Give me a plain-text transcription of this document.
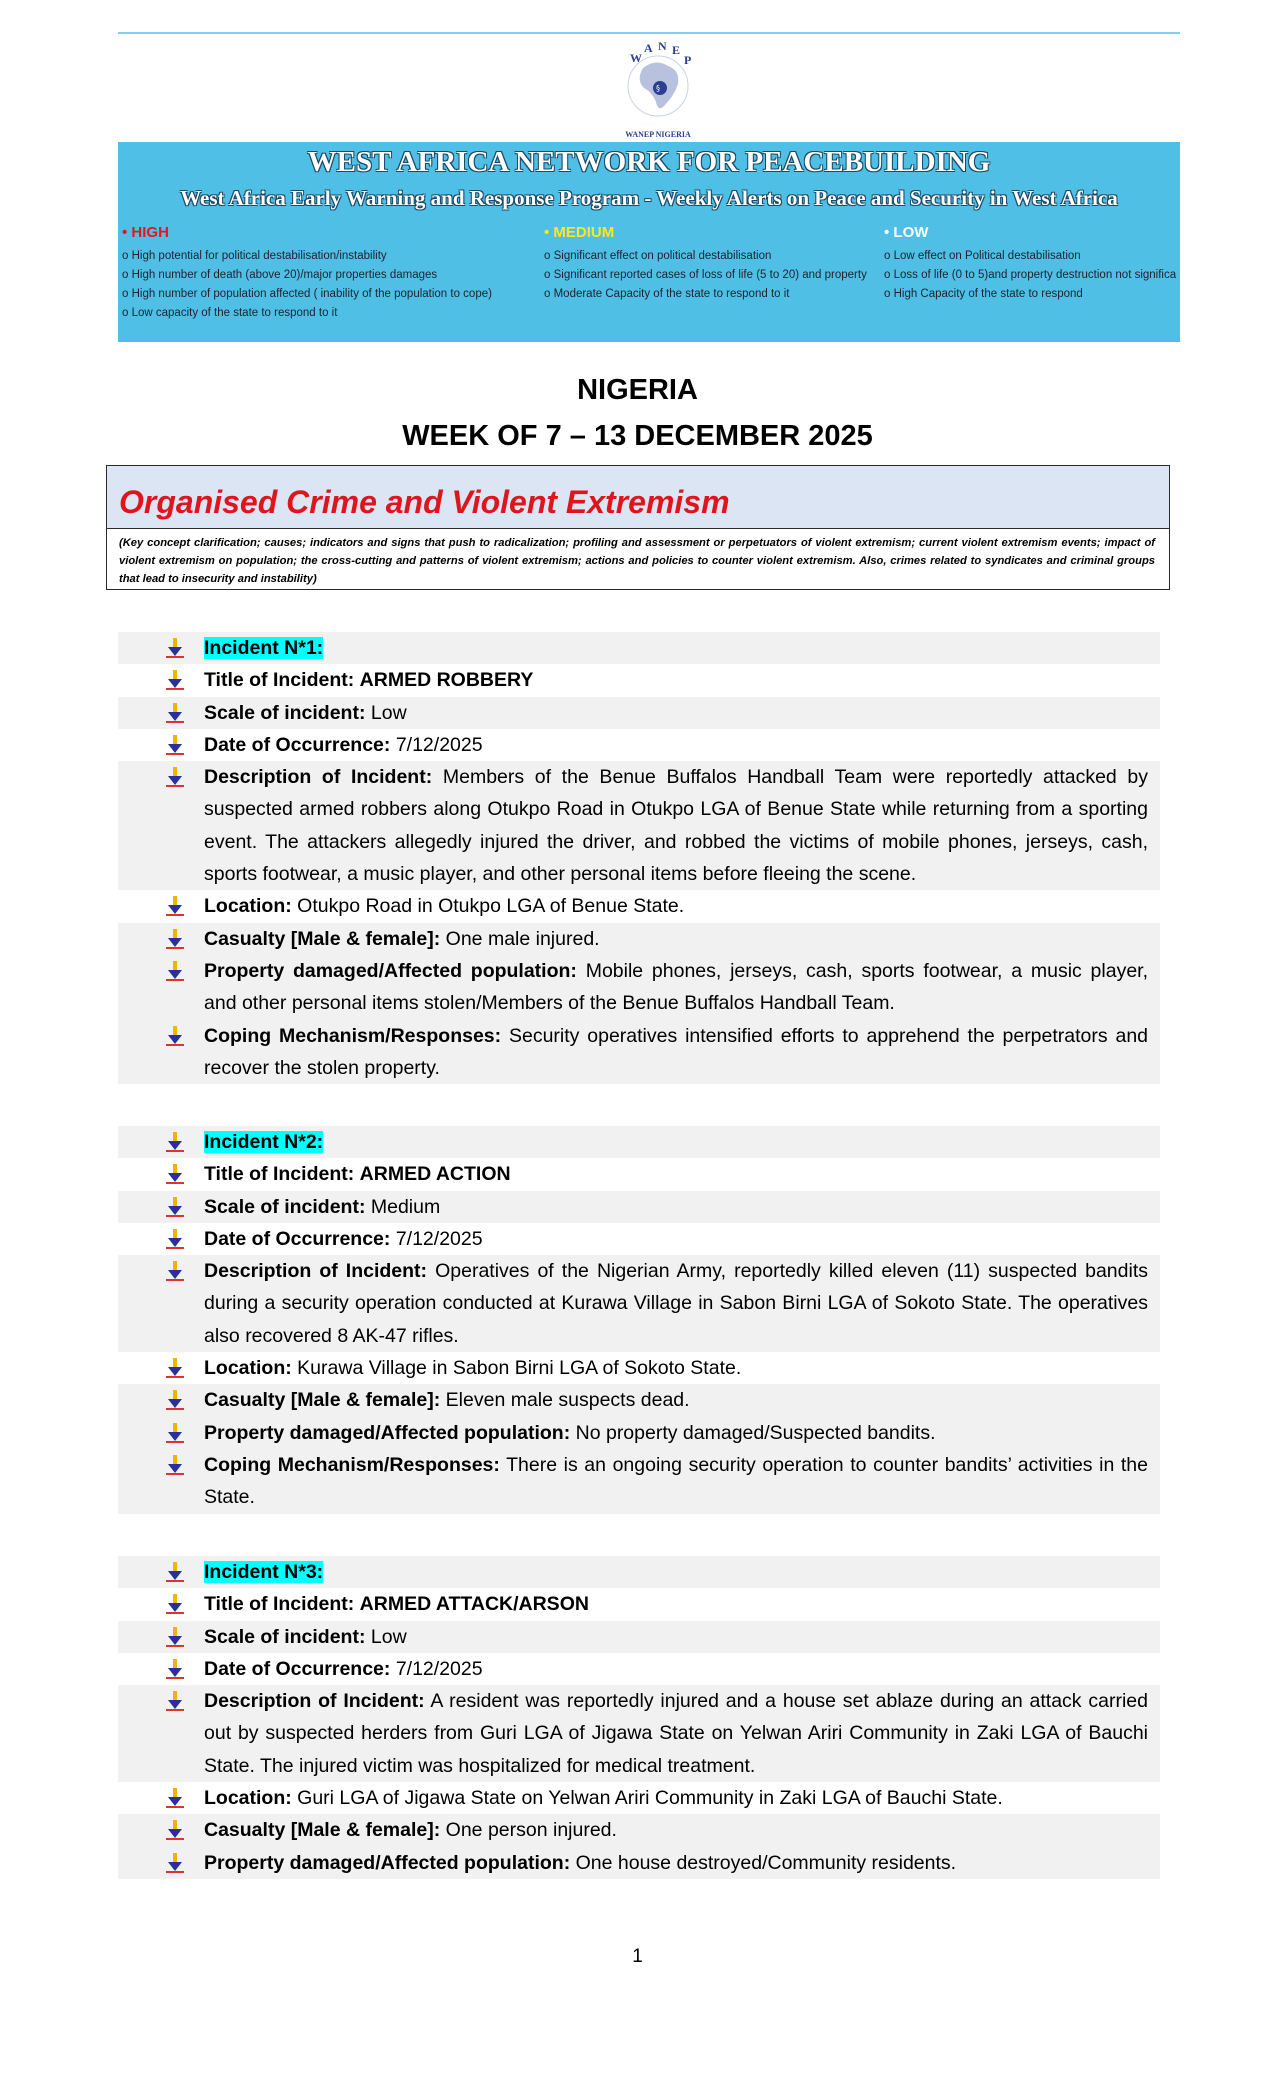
§
W
A N E
P
WANEP NIGERIA
WEST AFRICA NETWORK FOR PEACEBUILDING
West Africa Early Warning and Response Program - Weekly Alerts on Peace and Security in West Africa
• HIGH
o High potential for political destabilisation/instability
o High number of death (above 20)/major properties damages
o High number of population affected ( inability of the population to cope)
o Low capacity of the state to respond to it
• MEDIUM
o Significant effect on political destabilisation
o Significant reported cases of loss of life (5 to 20) and property
o Moderate Capacity of the state to respond to it
• LOW
o Low effect on Political destabilisation
o Loss of life (0 to 5)and property destruction not significa
o High Capacity of the state to respond
NIGERIA
WEEK OF 7 – 13 DECEMBER 2025
Organised Crime and Violent Extremism
(Key concept clarification; causes; indicators and signs that push to radicalization; profiling and assessment or perpetuators of violent extremism; current violent extremism events; impact of violent extremism on population; the cross-cutting and patterns of violent extremism; actions and policies to counter violent extremism. Also, crimes related to syndicates and criminal groups that lead to insecurity and instability)
Incident N*1:
Title of Incident: ARMED ROBBERY
Scale of incident: Low
Date of Occurrence: 7/12/2025
Description of Incident: Members of the Benue Buffalos Handball Team were reportedly attacked by suspected armed robbers along Otukpo Road in Otukpo LGA of Benue State while returning from a sporting event. The attackers allegedly injured the driver, and robbed the victims of mobile phones, jerseys, cash, sports footwear, a music player, and other personal items before fleeing the scene.
Location: Otukpo Road in Otukpo LGA of Benue State.
Casualty [Male & female]: One male injured.
Property damaged/Affected population: Mobile phones, jerseys, cash, sports footwear, a music player, and other personal items stolen/Members of the Benue Buffalos Handball Team.
Coping Mechanism/Responses: Security operatives intensified efforts to apprehend the perpetrators and recover the stolen property.
Incident N*2:
Title of Incident: ARMED ACTION
Scale of incident: Medium
Date of Occurrence: 7/12/2025
Description of Incident: Operatives of the Nigerian Army, reportedly killed eleven (11) suspected bandits during a security operation conducted at Kurawa Village in Sabon Birni LGA of Sokoto State. The operatives also recovered 8 AK-47 rifles.
Location: Kurawa Village in Sabon Birni LGA of Sokoto State.
Casualty [Male & female]: Eleven male suspects dead.
Property damaged/Affected population: No property damaged/Suspected bandits.
Coping Mechanism/Responses: There is an ongoing security operation to counter bandits’ activities in the State.
Incident N*3:
Title of Incident: ARMED ATTACK/ARSON
Scale of incident: Low
Date of Occurrence: 7/12/2025
Description of Incident: A resident was reportedly injured and a house set ablaze during an attack carried out by suspected herders from Guri LGA of Jigawa State on Yelwan Ariri Community in Zaki LGA of Bauchi State. The injured victim was hospitalized for medical treatment.
Location: Guri LGA of Jigawa State on Yelwan Ariri Community in Zaki LGA of Bauchi State.
Casualty [Male & female]: One person injured.
Property damaged/Affected population: One house destroyed/Community residents.
1
